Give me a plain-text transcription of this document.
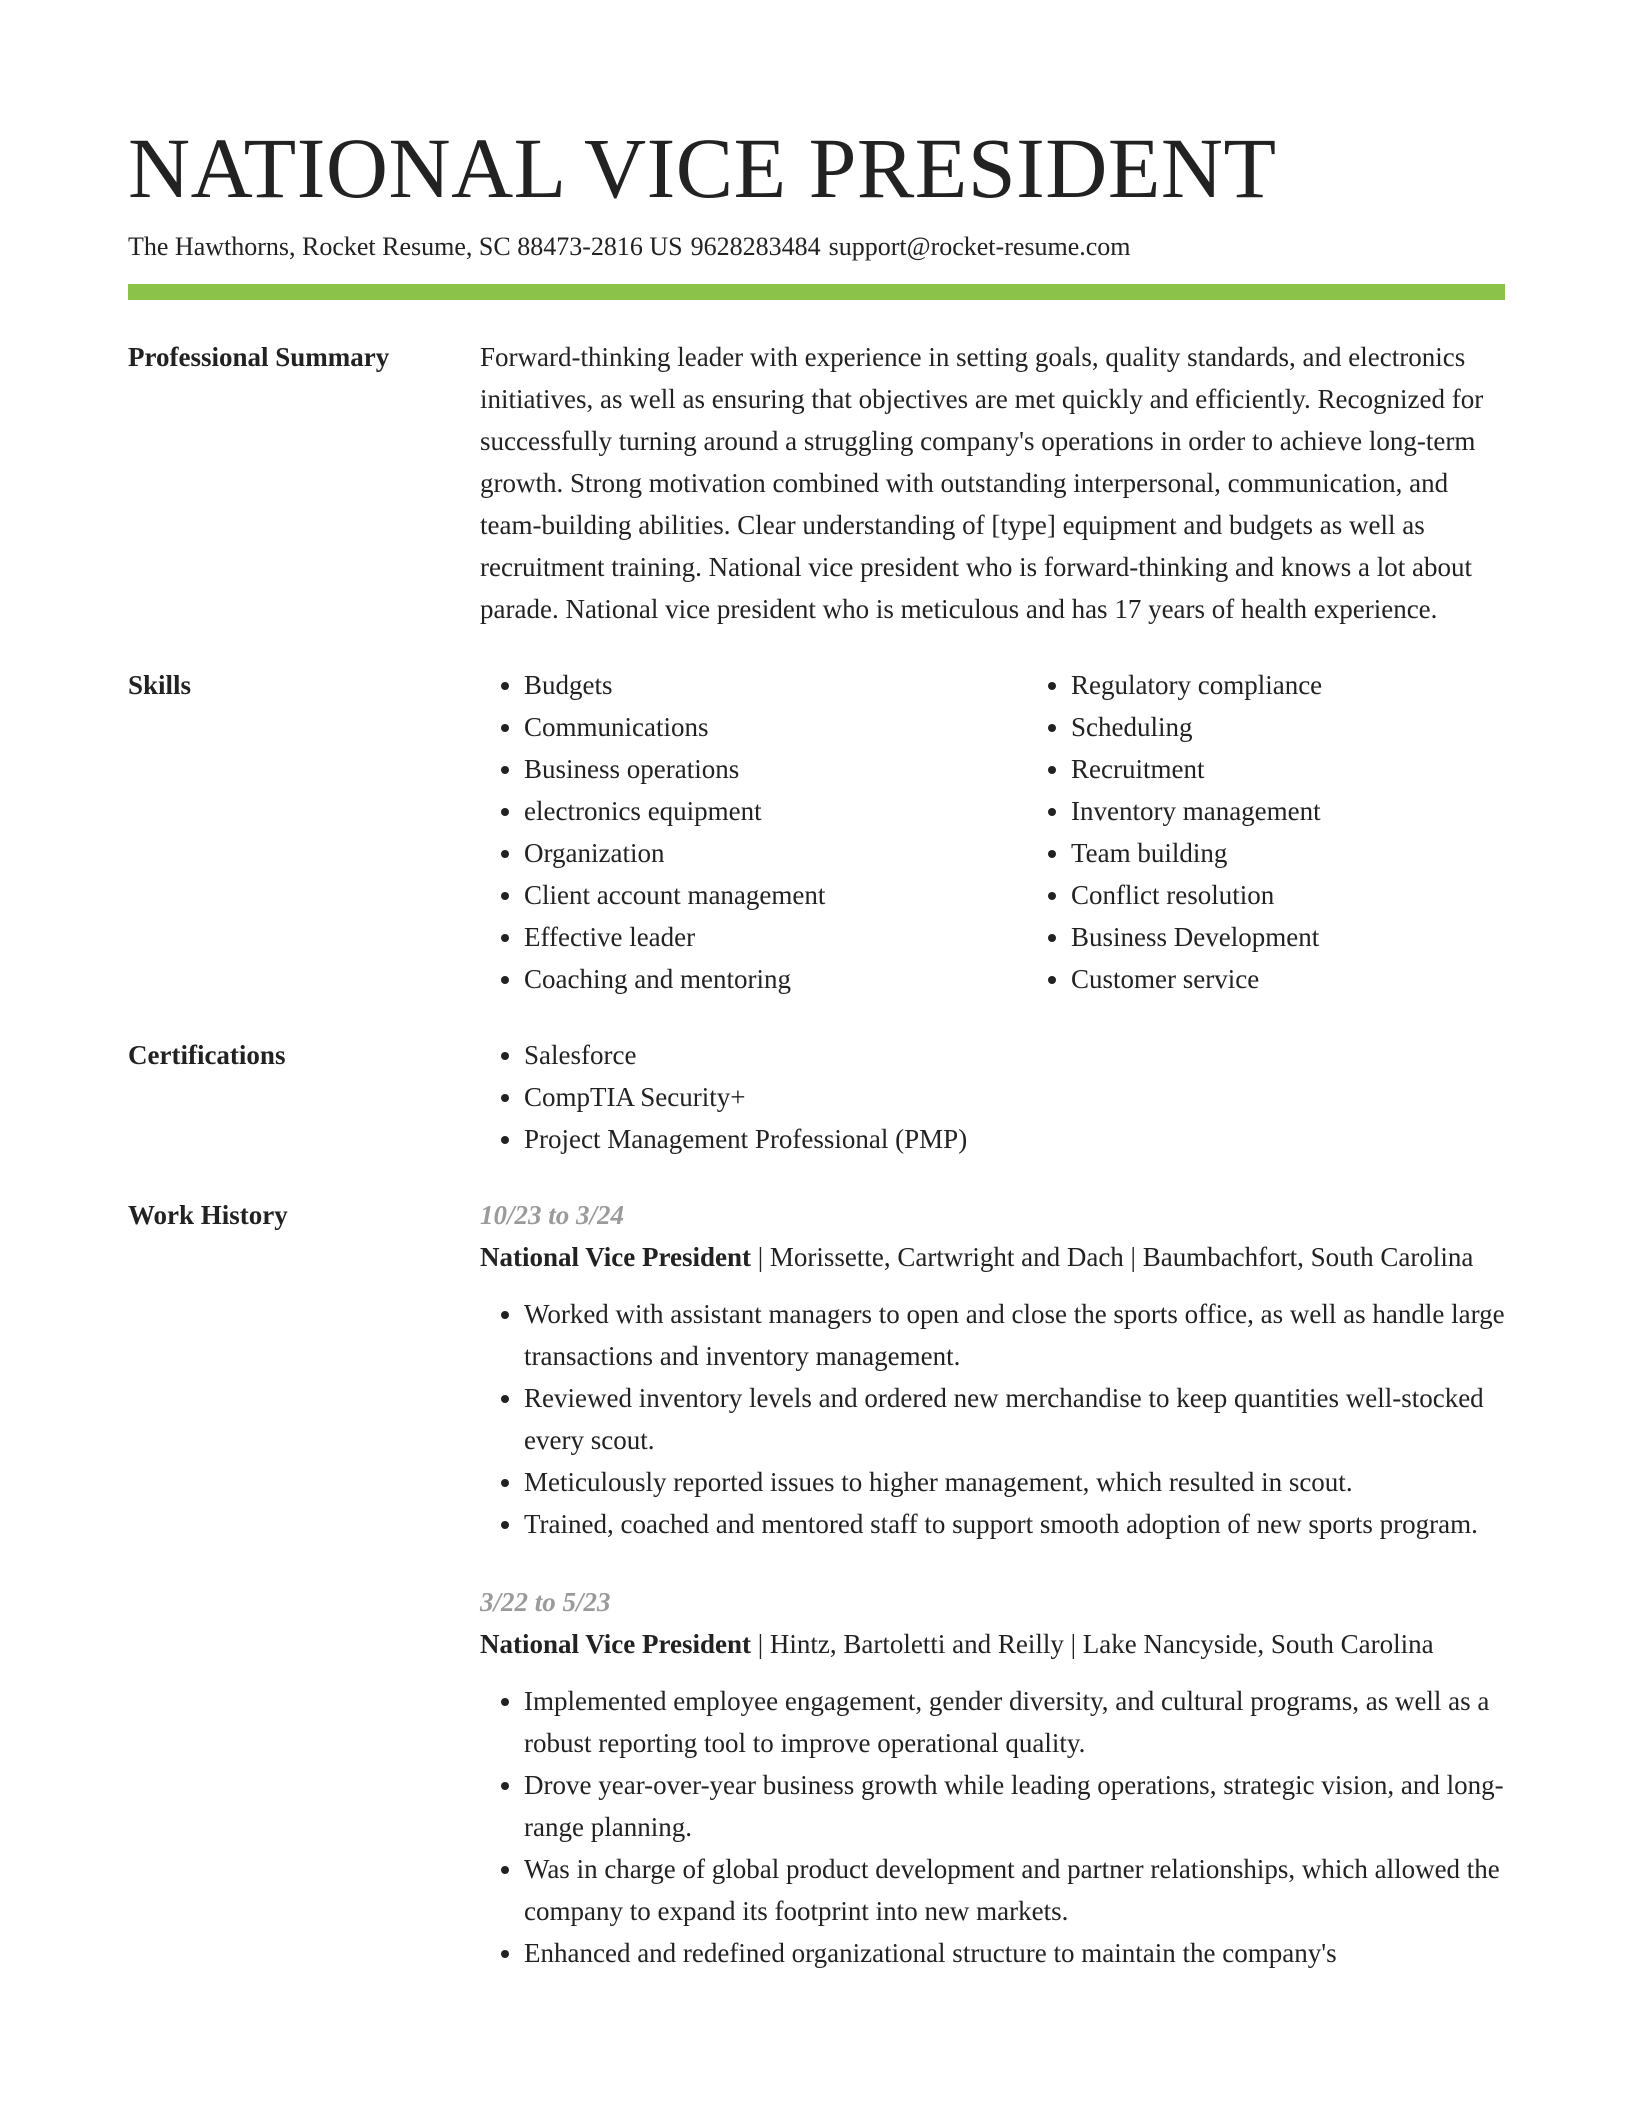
NATIONAL VICE PRESIDENT
The Hawthorns, Rocket Resume, SC 88473-2816 US 9628283484 support@rocket-resume.com
Professional Summary	Forward-thinking leader with experience in setting goals, quality standards, and electronics initiatives, as well as ensuring that objectives are met quickly and efficiently. Recognized for successfully turning around a struggling company's operations in order to achieve long-term growth. Strong motivation combined with outstanding interpersonal, communication, and team-building abilities. Clear understanding of [type] equipment and budgets as well as recruitment training. National vice president who is forward-thinking and knows a lot about parade. National vice president who is meticulous and has 17 years of health experience.

Skills	• Budgets
• Communications
• Business operations
• electronics equipment
• Organization
• Client account management
• Effective leader
• Coaching and mentoring
• Regulatory compliance
• Scheduling
• Recruitment
• Inventory management
• Team building
• Conflict resolution
• Business Development
• Customer service
Certifications	• Salesforce
• CompTIA Security+
• Project Management Professional (PMP)
Work History	10/23 to 3/24
National Vice President | Morissette, Cartwright and Dach | Baumbachfort, South Carolina
• Worked with assistant managers to open and close the sports office, as well as handle large transactions and inventory management.
• Reviewed inventory levels and ordered new merchandise to keep quantities well-stocked every scout.
• Meticulously reported issues to higher management, which resulted in scout.
• Trained, coached and mentored staff to support smooth adoption of new sports program.
3/22 to 5/23
National Vice President | Hintz, Bartoletti and Reilly | Lake Nancyside, South Carolina
• Implemented employee engagement, gender diversity, and cultural programs, as well as a robust reporting tool to improve operational quality.
• Drove year-over-year business growth while leading operations, strategic vision, and long-range planning.
• Was in charge of global product development and partner relationships, which allowed the company to expand its footprint into new markets.
• Enhanced and redefined organizational structure to maintain the company's
